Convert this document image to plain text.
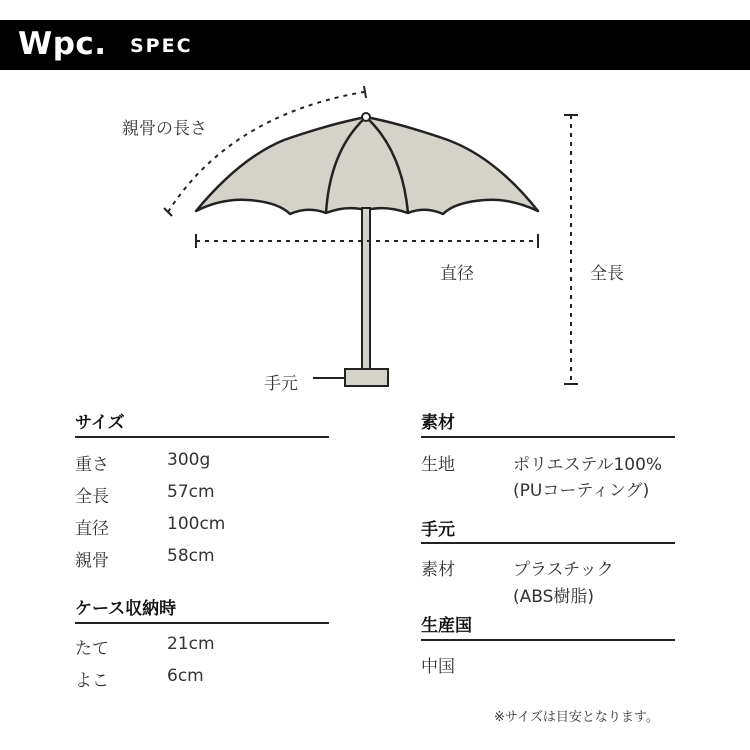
Wpc. SPEC
親骨の長さ
直径	全長
手元
サイズ
重さ	300g
全長	57cm
直径	100cm
親骨	58cm
ケース収納時
たて	21cm
よこ	6cm
素材
生地	ポリエステル100%
(PUコーティング)
手元
素材	プラスチック
(ABS樹脂)
生産国
中国
※サイズは目安となります。
